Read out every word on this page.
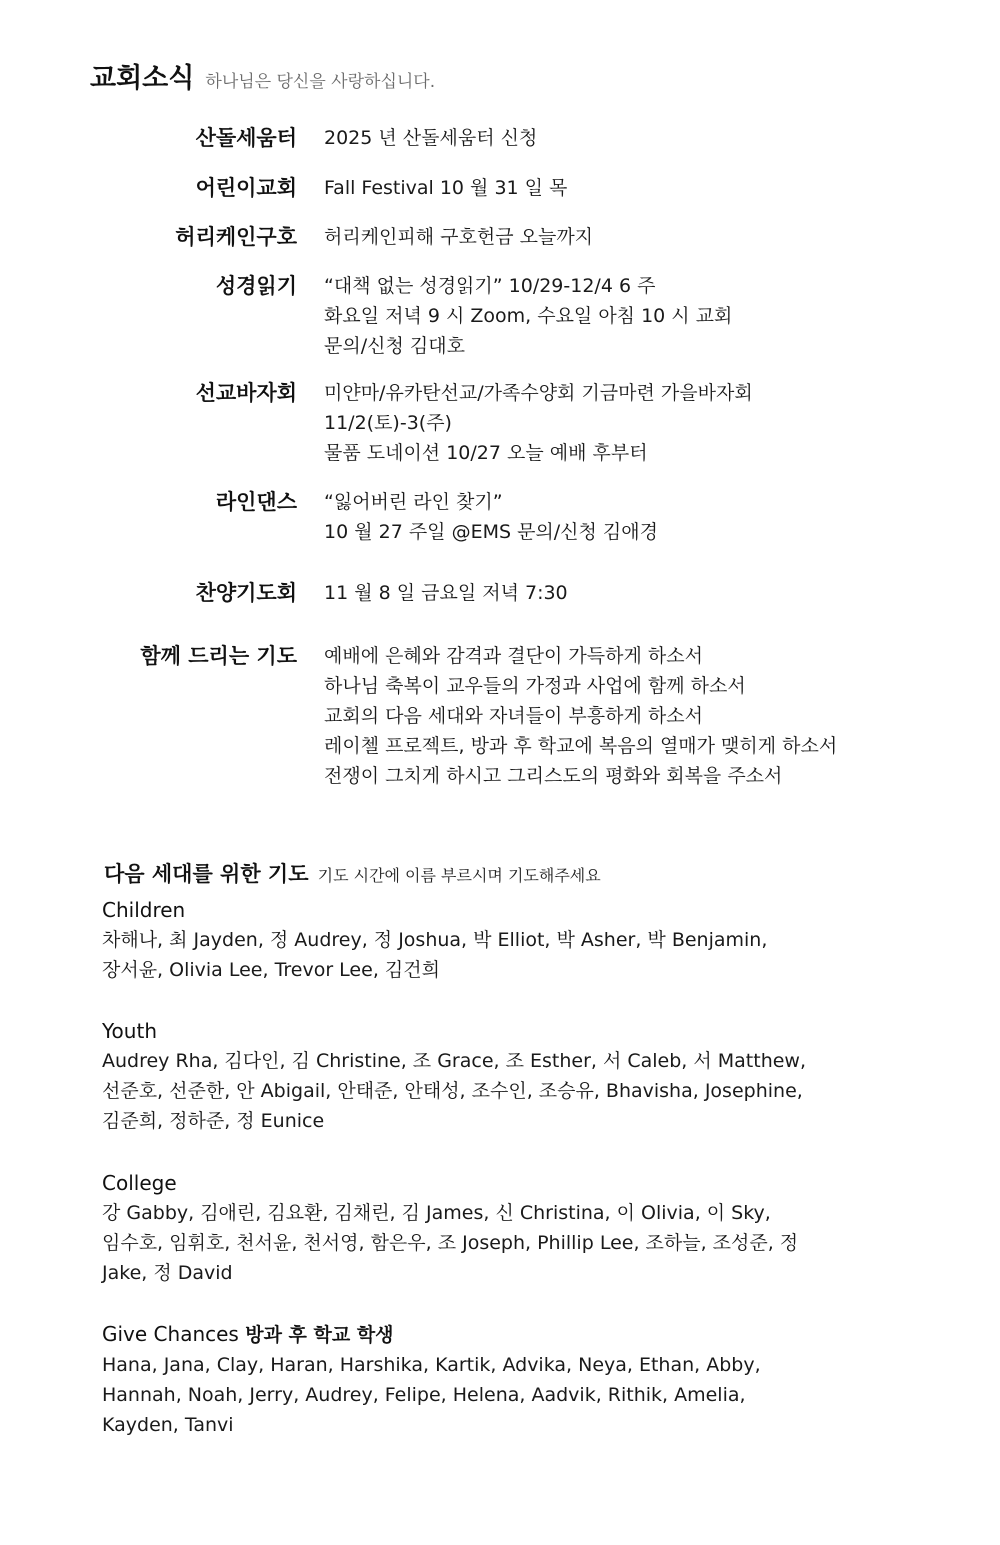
교회소식 하나님은 당신을 사랑하십니다.
산돌세움터 2025 년 산돌세움터 신청
어린이교회 Fall Festival 10 월 31 일 목
허리케인구호 허리케인피해 구호헌금 오늘까지
성경읽기 “대책 없는 성경읽기” 10/29-12/4 6 주
화요일 저녁 9 시 Zoom, 수요일 아침 10 시 교회
문의/신청 김대호
선교바자회 미얀마/유카탄선교/가족수양회 기금마련 가을바자회
11/2(토)-3(주)
물품 도네이션 10/27 오늘 예배 후부터
라인댄스 “잃어버린 라인 찾기”
10 월 27 주일 @EMS 문의/신청 김애경
찬양기도회 11 월 8 일 금요일 저녁 7:30
함께 드리는 기도 예배에 은혜와 감격과 결단이 가득하게 하소서
하나님 축복이 교우들의 가정과 사업에 함께 하소서
교회의 다음 세대와 자녀들이 부흥하게 하소서
레이첼 프로젝트, 방과 후 학교에 복음의 열매가 맺히게 하소서
전쟁이 그치게 하시고 그리스도의 평화와 회복을 주소서
다음 세대를 위한 기도 기도 시간에 이름 부르시며 기도해주세요
Children
차해나, 최 Jayden, 정 Audrey, 정 Joshua, 박 Elliot, 박 Asher, 박 Benjamin,
장서윤, Olivia Lee, Trevor Lee, 김건희
Youth
Audrey Rha, 김다인, 김 Christine, 조 Grace, 조 Esther, 서 Caleb, 서 Matthew,
선준호, 선준한, 안 Abigail, 안태준, 안태성, 조수인, 조승유, Bhavisha, Josephine,
김준희, 정하준, 정 Eunice
College
강 Gabby, 김애린, 김요환, 김채린, 김 James, 신 Christina, 이 Olivia, 이 Sky,
임수호, 임휘호, 천서윤, 천서영, 함은우, 조 Joseph, Phillip Lee, 조하늘, 조성준, 정
Jake, 정 David
Give Chances 방과 후 학교 학생
Hana, Jana, Clay, Haran, Harshika, Kartik, Advika, Neya, Ethan, Abby,
Hannah, Noah, Jerry, Audrey, Felipe, Helena, Aadvik, Rithik, Amelia,
Kayden, Tanvi
